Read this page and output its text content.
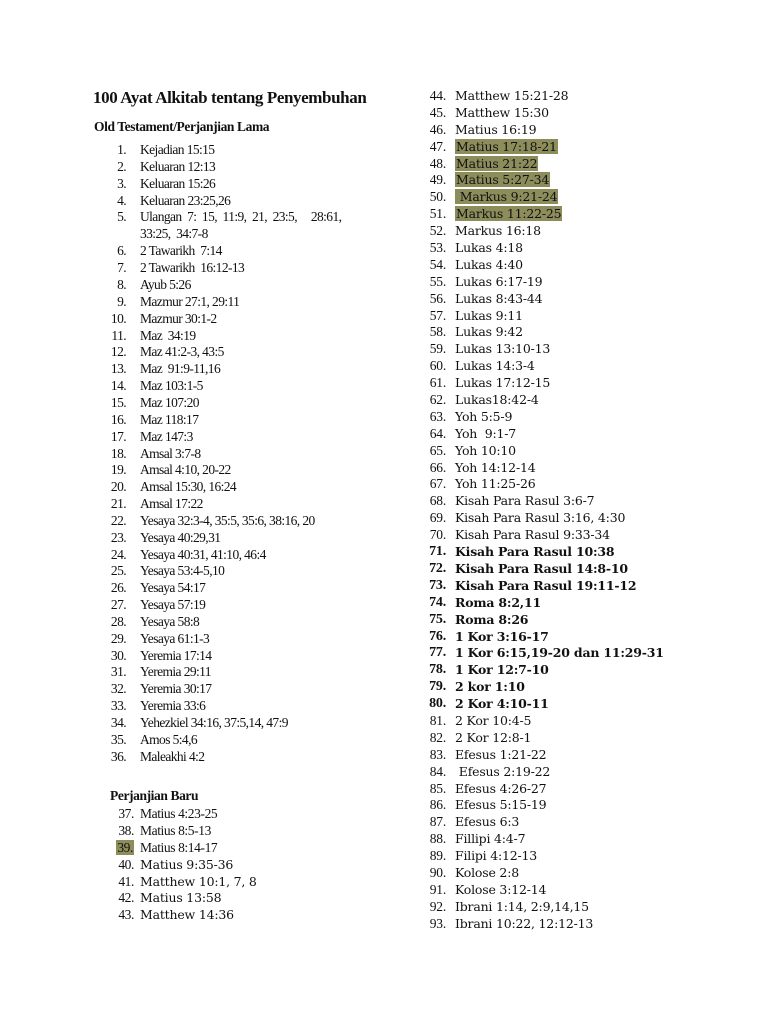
100 Ayat Alkitab tentang Penyembuhan
Old Testament/Perjanjian Lama
1. Kejadian 15:15
2. Keluaran 12:13
3. Keluaran 15:26
4. Keluaran 23:25,26
5. Ulangan  7:  15,  11:9,  21,  23:5,     28:61,
33:25,  34:7-8
6. 2 Tawarikh  7:14
7. 2 Tawarikh  16:12-13
8. Ayub 5:26
9. Mazmur 27:1, 29:11
10. Mazmur 30:1-2
11. Maz  34:19
12. Maz 41:2-3, 43:5
13. Maz  91:9-11,16
14. Maz 103:1-5
15. Maz 107:20
16. Maz 118:17
17. Maz 147:3
18. Amsal 3:7-8
19. Amsal 4:10, 20-22
20. Amsal 15:30, 16:24
21. Amsal 17:22
22. Yesaya 32:3-4, 35:5, 35:6, 38:16, 20
23. Yesaya 40:29,31
24. Yesaya 40:31, 41:10, 46:4
25. Yesaya 53:4-5,10
26. Yesaya 54:17
27. Yesaya 57:19
28. Yesaya 58:8
29. Yesaya 61:1-3
30. Yeremia 17:14
31. Yeremia 29:11
32. Yeremia 30:17
33. Yeremia 33:6
34. Yehezkiel 34:16, 37:5,14, 47:9
35. Amos 5:4,6
36. Maleakhi 4:2
Perjanjian Baru
37. Matius 4:23-25
38. Matius 8:5-13
39. Matius 8:14-17
40. Matius 9:35-36
41. Matthew 10:1, 7, 8
42. Matius 13:58
43. Matthew 14:36
44. Matthew 15:21-28
45. Matthew 15:30
46. Matius 16:19
47. Matius 17:18-21
48. Matius 21:22
49. Matius 5:27-34
50. Markus 9:21-24
51. Markus 11:22-25
52. Markus 16:18
53. Lukas 4:18
54. Lukas 4:40
55. Lukas 6:17-19
56. Lukas 8:43-44
57. Lukas 9:11
58. Lukas 9:42
59. Lukas 13:10-13
60. Lukas 14:3-4
61. Lukas 17:12-15
62. Lukas18:42-4
63. Yoh 5:5-9
64. Yoh  9:1-7
65. Yoh 10:10
66. Yoh 14:12-14
67. Yoh 11:25-26
68. Kisah Para Rasul 3:6-7
69. Kisah Para Rasul 3:16, 4:30
70. Kisah Para Rasul 9:33-34
71. Kisah Para Rasul 10:38
72. Kisah Para Rasul 14:8-10
73. Kisah Para Rasul 19:11-12
74. Roma 8:2,11
75. Roma 8:26
76. 1 Kor 3:16-17
77. 1 Kor 6:15,19-20 dan 11:29-31
78. 1 Kor 12:7-10
79. 2 kor 1:10
80. 2 Kor 4:10-11
81. 2 Kor 10:4-5
82. 2 Kor 12:8-1
83. Efesus 1:21-22
84. Efesus 2:19-22
85. Efesus 4:26-27
86. Efesus 5:15-19
87. Efesus 6:3
88. Fillipi 4:4-7
89. Filipi 4:12-13
90. Kolose 2:8
91. Kolose 3:12-14
92. Ibrani 1:14, 2:9,14,15
93. Ibrani 10:22, 12:12-13
